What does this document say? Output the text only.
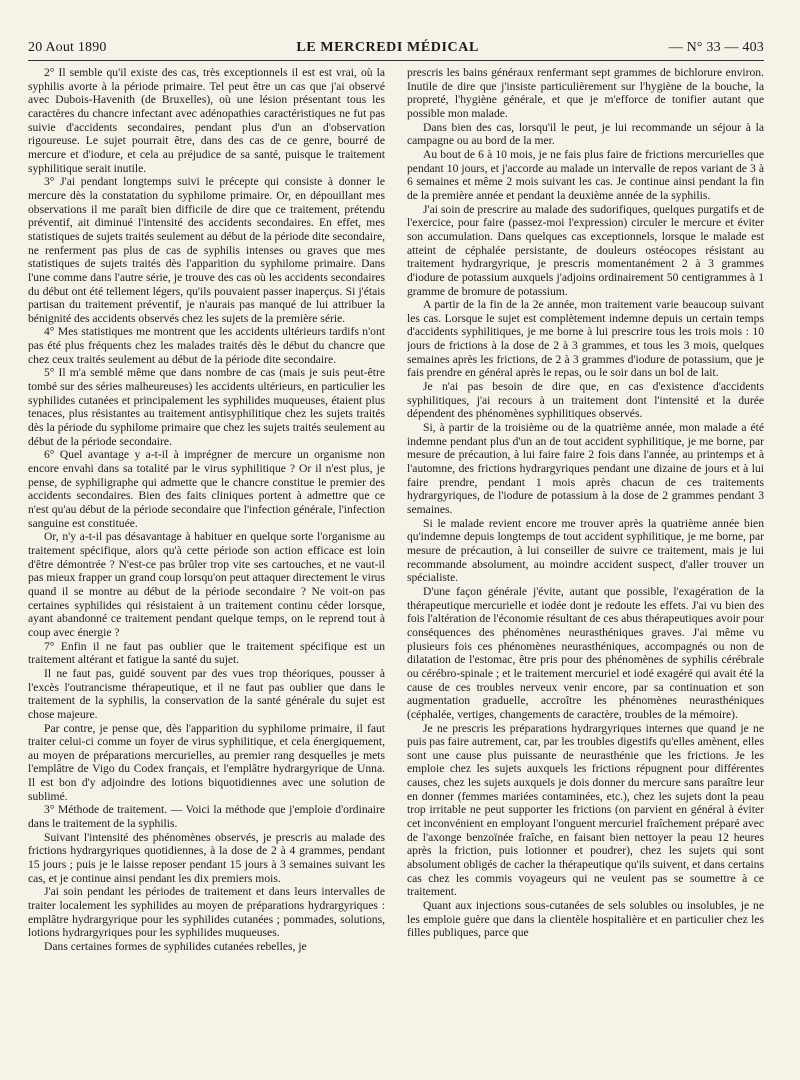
20 Aout 1890	LE MERCREDI MÉDICAL	— N° 33 — 403

2° Il semble qu'il existe des cas, très exceptionnels il est est vrai, où la syphilis avorte à la période primaire. Tel peut être un cas que j'ai observé avec Dubois-Havenith (de Bruxelles), où une lésion présentant tous les caractères du chancre infectant avec adénopathies caractéristiques ne fut pas suivie d'accidents secondaires, pendant plus d'un an d'observation rigoureuse. Le sujet pourrait être, dans des cas de ce genre, bourré de mercure et d'iodure, et cela au préjudice de sa santé, puisque le traitement syphilitique serait inutile.

3° J'ai pendant longtemps suivi le précepte qui consiste à donner le mercure dès la constatation du syphilome primaire. Or, en dépouillant mes observations il me paraît bien difficile de dire que ce traitement, prétendu préventif, ait diminué l'intensité des accidents secondaires. En effet, mes statistiques de sujets traités seulement au début de la période dite secondaire, ne renferment pas plus de cas de syphilis intenses ou graves que mes statistiques de sujets traités dès l'apparition du syphilome primaire. Dans l'une comme dans l'autre série, je trouve des cas où les accidents secondaires du début ont été tellement légers, qu'ils pouvaient passer inaperçus. Si j'étais partisan du traitement préventif, je n'aurais pas manqué de lui attribuer la bénignité des accidents observés chez les sujets de la première série.

4° Mes statistiques me montrent que les accidents ultérieurs tardifs n'ont pas été plus fréquents chez les malades traités dès le début du chancre que chez ceux traités seulement au début de la période dite secondaire.

5° Il m'a semblé même que dans nombre de cas (mais je suis peut-être tombé sur des séries malheureuses) les accidents ultérieurs, en particulier les syphilides cutanées et principalement les syphilides muqueuses, étaient plus tenaces, plus résistantes au traitement antisyphilitique chez les sujets traités dès la période du syphilome primaire que chez les sujets traités seulement au début de la période secondaire.

6° Quel avantage y a-t-il à imprégner de mercure un organisme non encore envahi dans sa totalité par le virus syphilitique ? Or il n'est plus, je pense, de syphiligraphe qui admette que le chancre constitue le premier des accidents secondaires. Bien des faits cliniques portent à admettre que ce n'est qu'au début de la période secondaire que l'infection générale, l'infection sanguine est constituée.

Or, n'y a-t-il pas désavantage à habituer en quelque sorte l'organisme au traitement spécifique, alors qu'à cette période son action efficace est loin d'être démontrée ? N'est-ce pas brûler trop vite ses cartouches, et ne vaut-il pas mieux frapper un grand coup lorsqu'on peut attaquer directement le virus quand il se montre au début de la période secondaire ? Ne voit-on pas certaines syphilides qui résistaient à un traitement continu céder lorsque, ayant abandonné ce traitement pendant quelque temps, on le reprend tout à coup avec énergie ?

7° Enfin il ne faut pas oublier que le traitement spécifique est un traitement altérant et fatigue la santé du sujet.

Il ne faut pas, guidé souvent par des vues trop théoriques, pousser à l'excès l'outrancisme thérapeutique, et il ne faut pas oublier que dans le traitement de la syphilis, la conservation de la santé générale du sujet est chose majeure.

Par contre, je pense que, dès l'apparition du syphilome primaire, il faut traiter celui-ci comme un foyer de virus syphilitique, et cela énergiquement, au moyen de préparations mercurielles, au premier rang desquelles je mets l'emplâtre de Vigo du Codex français, et l'emplâtre hydrargyrique de Unna. Il est bon d'y adjoindre des lotions biquotidiennes avec une solution de sublimé.

3° Méthode de traitement. — Voici la méthode que j'emploie d'ordinaire dans le traitement de la syphilis.

Suivant l'intensité des phénomènes observés, je prescris au malade des frictions hydrargyriques quotidiennes, à la dose de 2 à 4 grammes, pendant 15 jours ; puis je le laisse reposer pendant 15 jours à 3 semaines suivant les cas, et je continue ainsi pendant les dix premiers mois.

J'ai soin pendant les périodes de traitement et dans leurs intervalles de traiter localement les syphilides au moyen de préparations hydrargyriques : emplâtre hydrargyrique pour les syphilides cutanées ; pommades, solutions, lotions hydrargyriques pour les syphilides muqueuses.

Dans certaines formes de syphilides cutanées rebelles, je

prescris les bains généraux renfermant sept grammes de bichlorure environ. Inutile de dire que j'insiste particulièrement sur l'hygiène de la bouche, la propreté, l'hygiène générale, et que je m'efforce de tonifier autant que possible mon malade.

Dans bien des cas, lorsqu'il le peut, je lui recommande un séjour à la campagne ou au bord de la mer.

Au bout de 6 à 10 mois, je ne fais plus faire de frictions mercurielles que pendant 10 jours, et j'accorde au malade un intervalle de repos variant de 3 à 6 semaines et même 2 mois suivant les cas. Je continue ainsi pendant la fin de la première année et pendant la deuxième année de la syphilis.

J'ai soin de prescrire au malade des sudorifiques, quelques purgatifs et de l'exercice, pour faire (passez-moi l'expression) circuler le mercure et éviter son accumulation. Dans quelques cas exceptionnels, lorsque le malade est atteint de céphalée persistante, de douleurs ostéocopes résistant au traitement hydrargyrique, je prescris momentanément 2 à 3 grammes d'iodure de potassium auxquels j'adjoins ordinairement 50 centigrammes à 1 gramme de bromure de potassium.

A partir de la fin de la 2e année, mon traitement varie beaucoup suivant les cas. Lorsque le sujet est complètement indemne depuis un certain temps d'accidents syphilitiques, je me borne à lui prescrire tous les trois mois : 10 jours de frictions à la dose de 2 à 3 grammes, et tous les 3 mois, quelques semaines après les frictions, de 2 à 3 grammes d'iodure de potassium, que je fais prendre en général après le repas, ou le soir dans un bol de lait.

Je n'ai pas besoin de dire que, en cas d'existence d'accidents syphilitiques, j'ai recours à un traitement dont l'intensité et la durée dépendent des phénomènes syphilitiques observés.

Si, à partir de la troisième ou de la quatrième année, mon malade a été indemne pendant plus d'un an de tout accident syphilitique, je me borne, par mesure de précaution, à lui faire faire 2 fois dans l'année, au printemps et à l'automne, des frictions hydrargyriques pendant une dizaine de jours et à lui faire prendre, pendant 1 mois après chacun de ces traitements hydrargyriques, de l'iodure de potassium à la dose de 2 grammes pendant 3 semaines.

Si le malade revient encore me trouver après la quatrième année bien qu'indemne depuis longtemps de tout accident syphilitique, je me borne, par mesure de précaution, à lui conseiller de suivre ce traitement, mais je lui recommande absolument, au moindre accident suspect, d'aller trouver un spécialiste.

D'une façon générale j'évite, autant que possible, l'exagération de la thérapeutique mercurielle et iodée dont je redoute les effets. J'ai vu bien des fois l'altération de l'économie résultant de ces abus thérapeutiques avoir pour conséquences des phénomènes neurasthéniques graves. J'ai même vu plusieurs fois ces phénomènes neurasthéniques, accompagnés ou non de dilatation de l'estomac, être pris pour des phénomènes de syphilis cérébrale ou cérébro-spinale ; et le traitement mercuriel et iodé exagéré qui avait été la cause de ces troubles nerveux venir encore, par sa continuation et son augmentation graduelle, accroître les phénomènes neurasthéniques (céphalée, vertiges, changements de caractère, troubles de la mémoire).

Je ne prescris les préparations hydrargyriques internes que quand je ne puis pas faire autrement, car, par les troubles digestifs qu'elles amènent, elles sont une cause plus puissante de neurasthénie que les frictions. Je les emploie chez les sujets auxquels les frictions répugnent pour différentes causes, chez les sujets auxquels je dois donner du mercure sans paraître leur en donner (femmes mariées contaminées, etc.), chez les sujets dont la peau trop irritable ne peut supporter les frictions (on parvient en général à éviter cet inconvénient en employant l'onguent mercuriel fraîchement préparé avec de l'axonge benzoïnée fraîche, en faisant bien nettoyer la peau 12 heures après la friction, puis lotionner et poudrer), chez les sujets qui sont absolument obligés de cacher la thérapeutique qu'ils suivent, et dans certains cas chez les commis voyageurs qui ne veulent pas se soumettre à ce traitement.

Quant aux injections sous-cutanées de sels solubles ou insolubles, je ne les emploie guère que dans la clientèle hospitalière et en particulier chez les filles publiques, parce que
